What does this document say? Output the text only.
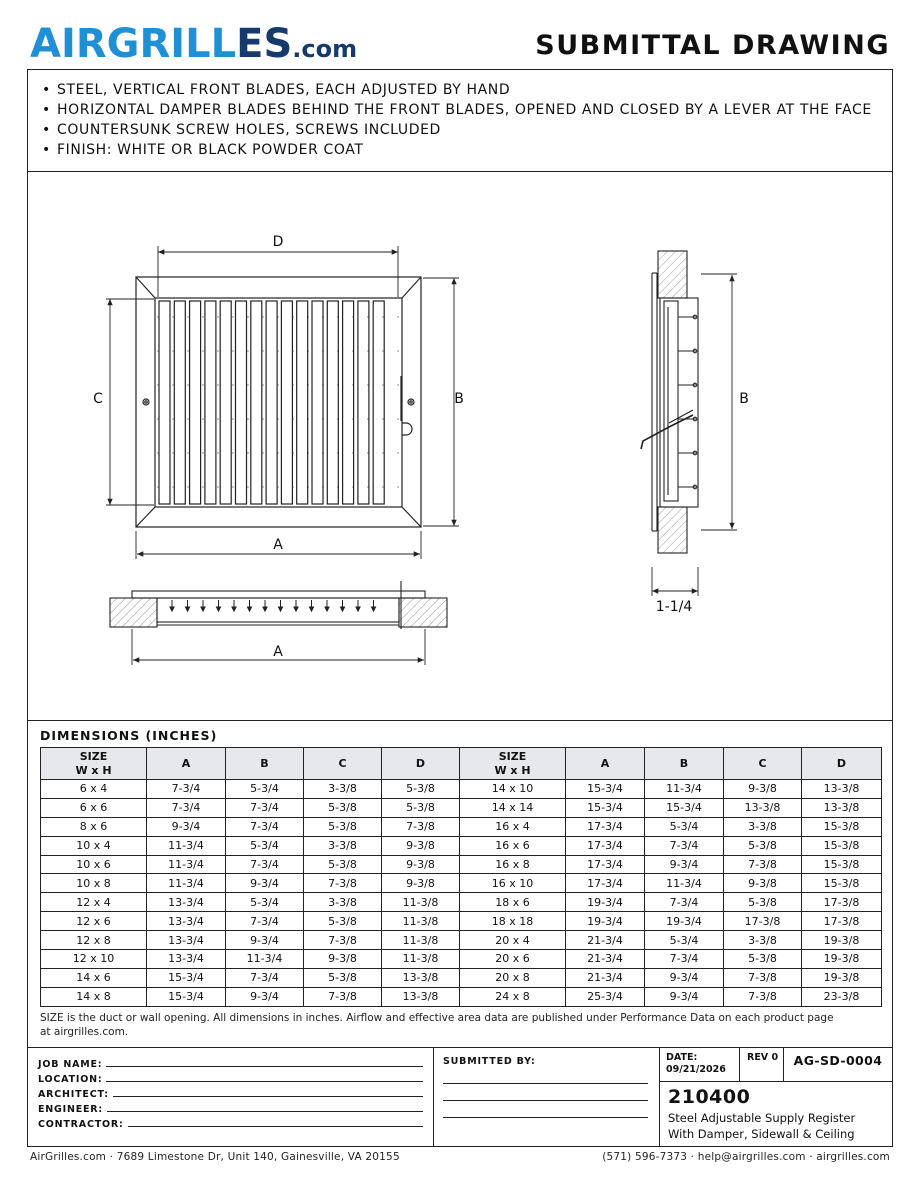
AIRGRILLES.com	SUBMITTAL DRAWING
• STEEL, VERTICAL FRONT BLADES, EACH ADJUSTED BY HAND
• HORIZONTAL DAMPER BLADES BEHIND THE FRONT BLADES, OPENED AND CLOSED BY A LEVER AT THE FACE
• COUNTERSUNK SCREW HOLES, SCREWS INCLUDED
• FINISH: WHITE OR BLACK POWDER COAT
D
C	B
A
A
B
1-1/4
DIMENSIONS (INCHES)
SIZE
W x H	A	B	C	D	SIZE
W x H	A	B	C	D
6 x 4	7-3/4	5-3/4	3-3/8	5-3/8	14 x 10	15-3/4	11-3/4	9-3/8	13-3/8
6 x 6	7-3/4	7-3/4	5-3/8	5-3/8	14 x 14	15-3/4	15-3/4	13-3/8	13-3/8
8 x 6	9-3/4	7-3/4	5-3/8	7-3/8	16 x 4	17-3/4	5-3/4	3-3/8	15-3/8
10 x 4	11-3/4	5-3/4	3-3/8	9-3/8	16 x 6	17-3/4	7-3/4	5-3/8	15-3/8
10 x 6	11-3/4	7-3/4	5-3/8	9-3/8	16 x 8	17-3/4	9-3/4	7-3/8	15-3/8
10 x 8	11-3/4	9-3/4	7-3/8	9-3/8	16 x 10	17-3/4	11-3/4	9-3/8	15-3/8
12 x 4	13-3/4	5-3/4	3-3/8	11-3/8	18 x 6	19-3/4	7-3/4	5-3/8	17-3/8
12 x 6	13-3/4	7-3/4	5-3/8	11-3/8	18 x 18	19-3/4	19-3/4	17-3/8	17-3/8
12 x 8	13-3/4	9-3/4	7-3/8	11-3/8	20 x 4	21-3/4	5-3/4	3-3/8	19-3/8
12 x 10	13-3/4	11-3/4	9-3/8	11-3/8	20 x 6	21-3/4	7-3/4	5-3/8	19-3/8
14 x 6	15-3/4	7-3/4	5-3/8	13-3/8	20 x 8	21-3/4	9-3/4	7-3/8	19-3/8
14 x 8	15-3/4	9-3/4	7-3/8	13-3/8	24 x 8	25-3/4	9-3/4	7-3/8	23-3/8
SIZE is the duct or wall opening. All dimensions in inches. Airflow and effective area data are published under Performance Data on each product page at airgrilles.com.
JOB NAME:
LOCATION:
ARCHITECT:
ENGINEER:
CONTRACTOR:
SUBMITTED BY:	DATE:
09/21/2026
REV 0	AG-SD-0004
210400
Steel Adjustable Supply Register
With Damper, Sidewall & Ceiling
AirGrilles.com · 7689 Limestone Dr, Unit 140, Gainesville, VA 20155	(571) 596-7373 · help@airgrilles.com · airgrilles.com
